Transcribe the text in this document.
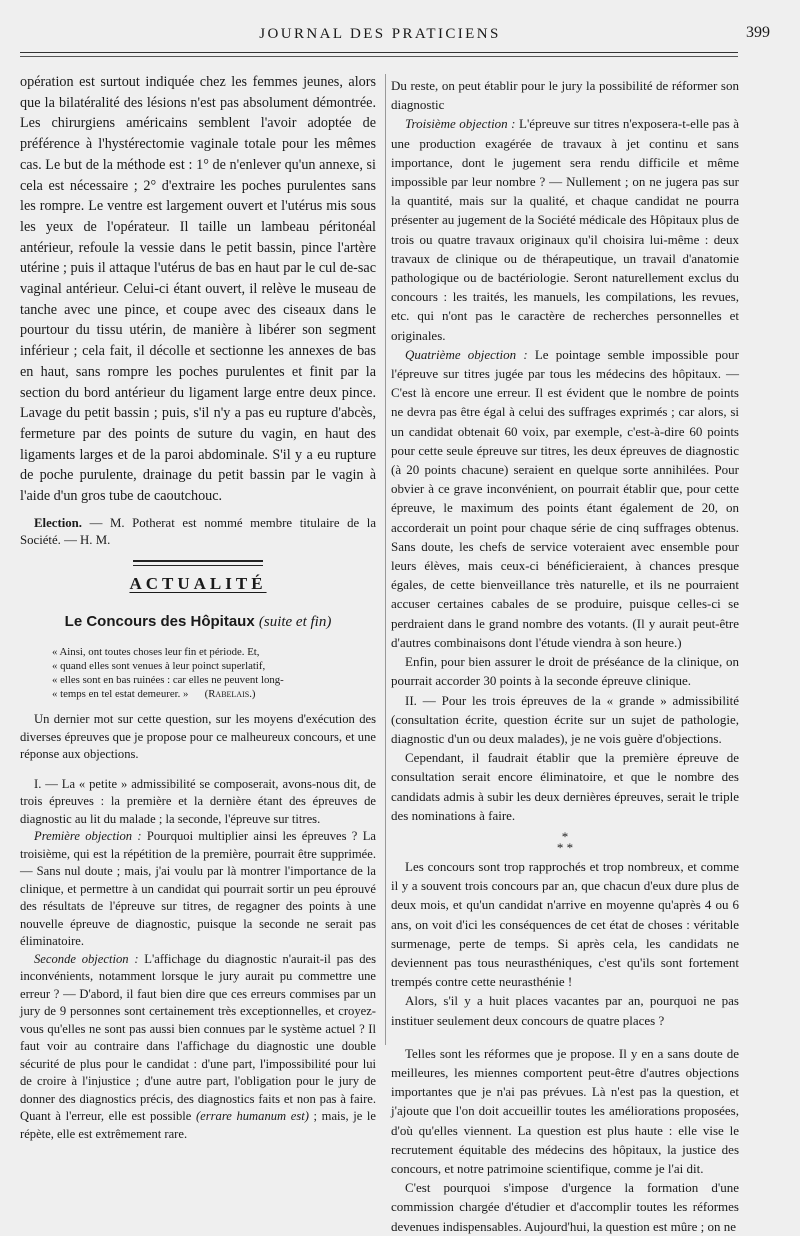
JOURNAL DES PRATICIENS	399

opération est surtout indiquée chez les femmes jeunes, alors que la bilatéralité des lésions n'est pas absolument démontrée. Les chirurgiens américains semblent l'avoir adoptée de préférence à l'hystérectomie vaginale totale pour les mêmes cas. Le but de la méthode est : 1° de n'enlever qu'un annexe, si cela est nécessaire ; 2° d'extraire les poches purulentes sans les rompre. Le ventre est largement ouvert et l'utérus mis sous les yeux de l'opérateur. Il taille un lambeau péritonéal antérieur, refoule la vessie dans le petit bassin, pince l'artère utérine ; puis il attaque l'utérus de bas en haut par le cul de-sac vaginal antérieur. Celui-ci étant ouvert, il relève le museau de tanche avec une pince, et coupe avec des ciseaux dans le pourtour du tissu utérin, de manière à libérer son segment inférieur ; cela fait, il décolle et sectionne les annexes de bas en haut, sans rompre les poches purulentes et finit par la section du bord antérieur du ligament large entre deux pince. Lavage du petit bassin ; puis, s'il n'y a pas eu rupture d'abcès, fermeture par des points de suture du vagin, en haut des ligaments larges et de la paroi abdominale. S'il y a eu rupture de poche purulente, drainage du petit bassin par le vagin à l'aide d'un gros tube de caoutchouc.

Election. — M. Potherat est nommé membre titulaire de la Société. — H. M.

ACTUALITÉ
Le Concours des Hôpitaux (suite et fin)
« Ainsi, ont toutes choses leur fin et période. Et,
« quand elles sont venues à leur poinct superlatif,
« elles sont en bas ruinées : car elles ne peuvent long-
« temps en tel estat demeurer. » (Rabelais.)

Un dernier mot sur cette question, sur les moyens d'exécution des diverses épreuves que je propose pour ce malheureux concours, et une réponse aux objections.

I. — La « petite » admissibilité se composerait, avons-nous dit, de trois épreuves : la première et la dernière étant des épreuves de diagnostic au lit du malade ; la seconde, l'épreuve sur titres.

Première objection : Pourquoi multiplier ainsi les épreuves ? La troisième, qui est la répétition de la première, pourrait être supprimée. — Sans nul doute ; mais, j'ai voulu par là montrer l'importance de la clinique, et permettre à un candidat qui pourrait sortir un peu éprouvé des résultats de l'épreuve sur titres, de regagner des points à une nouvelle épreuve de diagnostic, puisque la seconde ne serait pas éliminatoire.

Seconde objection : L'affichage du diagnostic n'aurait-il pas des inconvénients, notamment lorsque le jury aurait pu commettre une erreur ? — D'abord, il faut bien dire que ces erreurs commises par un jury de 9 personnes sont certainement très exceptionnelles, et croyez-vous qu'elles ne sont pas aussi bien connues par le système actuel ? Il faut voir au contraire dans l'affichage du diagnostic une double sécurité de plus pour le candidat : d'une part, l'impossibilité pour lui de croire à l'injustice ; d'une autre part, l'obligation pour le jury de donner des diagnostics précis, des diagnostics faits et non pas à faire. Quant à l'erreur, elle est possible (errare humanum est) ; mais, je le répète, elle est extrêmement rare.

Du reste, on peut établir pour le jury la possibilité de réformer son diagnostic

Troisième objection : L'épreuve sur titres n'exposera-t-elle pas à une production exagérée de travaux à jet continu et sans importance, dont le jugement sera rendu difficile et même impossible par leur nombre ? — Nullement ; on ne jugera pas sur la quantité, mais sur la qualité, et chaque candidat ne pourra présenter au jugement de la Société médicale des Hôpitaux plus de trois ou quatre travaux originaux qu'il choisira lui-même : deux travaux de clinique ou de thérapeutique, un travail d'anatomie pathologique ou de bactériologie. Seront naturellement exclus du concours : les traités, les manuels, les compilations, les revues, etc. qui n'ont pas le caractère de recherches personnelles et originales.

Quatrième objection : Le pointage semble impossible pour l'épreuve sur titres jugée par tous les médecins des hôpitaux. — C'est là encore une erreur. Il est évident que le nombre de points ne devra pas être égal à celui des suffrages exprimés ; car alors, si un candidat obtenait 60 voix, par exemple, c'est-à-dire 60 points pour cette seule épreuve sur titres, les deux épreuves de diagnostic (à 20 points chacune) seraient en quelque sorte annihilées. Pour obvier à ce grave inconvénient, on pourrait établir que, pour cette épreuve, le maximum des points étant également de 20, on accorderait un point pour chaque série de cinq suffrages obtenus. Sans doute, les chefs de service voteraient avec ensemble pour leurs élèves, mais ceux-ci bénéficieraient, à chances presque égales, de cette bienveillance très naturelle, et ils ne pourraient accuser certaines cabales de se produire, puisque celles-ci se perdraient dans le grand nombre des votants. (Il y aurait peut-être d'autres combinaisons dont l'étude viendra à son heure.)

Enfin, pour bien assurer le droit de préséance de la clinique, on pourrait accorder 30 points à la seconde épreuve clinique.

II. — Pour les trois épreuves de la « grande » admissibilité (consultation écrite, question écrite sur un sujet de pathologie, diagnostic d'un ou deux malades), je ne vois guère d'objections.

Cependant, il faudrait établir que la première épreuve de consultation serait encore éliminatoire, et que le nombre des candidats admis à subir les deux dernières épreuves, serait le triple des nominations à faire.

*
* *

Les concours sont trop rapprochés et trop nombreux, et comme il y a souvent trois concours par an, que chacun d'eux dure plus de deux mois, et qu'un candidat n'arrive en moyenne qu'après 4 ou 6 ans, on voit d'ici les conséquences de cet état de choses : véritable surmenage, perte de temps. Si après cela, les candidats ne deviennent pas tous neurasthéniques, c'est qu'ils sont fortement trempés contre cette neurasthénie !

Alors, s'il y a huit places vacantes par an, pourquoi ne pas instituer seulement deux concours de quatre places ?

Telles sont les réformes que je propose. Il y en a sans doute de meilleures, les miennes comportent peut-être d'autres objections importantes que je n'ai pas prévues. Là n'est pas la question, et j'ajoute que l'on doit accueillir toutes les améliorations proposées, d'où qu'elles viennent. La question est plus haute : elle vise le recrutement équitable des médecins des hôpitaux, la justice des concours, et notre patrimoine scientifique, comme je l'ai dit.

C'est pourquoi s'impose d'urgence la formation d'une commission chargée d'étudier et d'accomplir toutes les réformes devenues indispensables. Aujourd'hui, la question est mûre ; on ne
